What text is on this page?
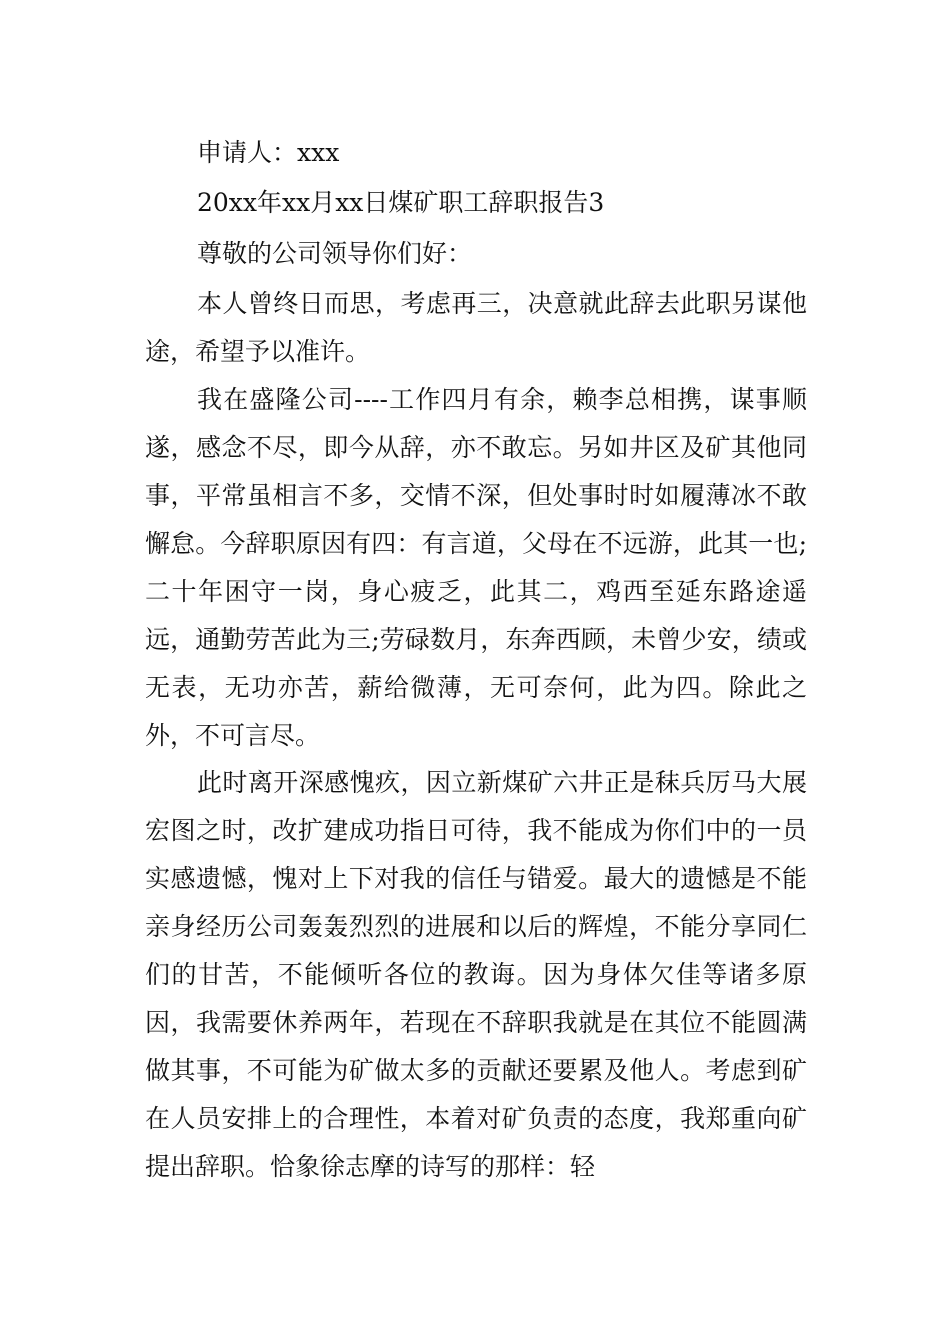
申请人：xxx
20xx年xx月xx日煤矿职工辞职报告3
尊敬的公司领导你们好：
本人曾终日而思，考虑再三，决意就此辞去此职另谋他途，希望予以准许。
我在盛隆公司----工作四月有余，赖李总相携，谋事顺遂，感念不尽，即今从辞，亦不敢忘。另如井区及矿其他同事，平常虽相言不多，交情不深，但处事时时如履薄冰不敢懈怠。今辞职原因有四：有言道，父母在不远游，此其一也;二十年困守一岗，身心疲乏，此其二，鸡西至延东路途遥远，通勤劳苦此为三;劳碌数月，东奔西顾，未曾少安，绩或无表，无功亦苦，薪给微薄，无可奈何，此为四。除此之外，不可言尽。
此时离开深感愧疚，因立新煤矿六井正是秣兵厉马大展宏图之时，改扩建成功指日可待，我不能成为你们中的一员实感遗憾，愧对上下对我的信任与错爱。最大的遗憾是不能亲身经历公司轰轰烈烈的进展和以后的辉煌，不能分享同仁们的甘苦，不能倾听各位的教诲。因为身体欠佳等诸多原因，我需要休养两年，若现在不辞职我就是在其位不能圆满做其事，不可能为矿做太多的贡献还要累及他人。考虑到矿在人员安排上的合理性，本着对矿负责的态度，我郑重向矿提出辞职。恰象徐志摩的诗写的那样：轻
